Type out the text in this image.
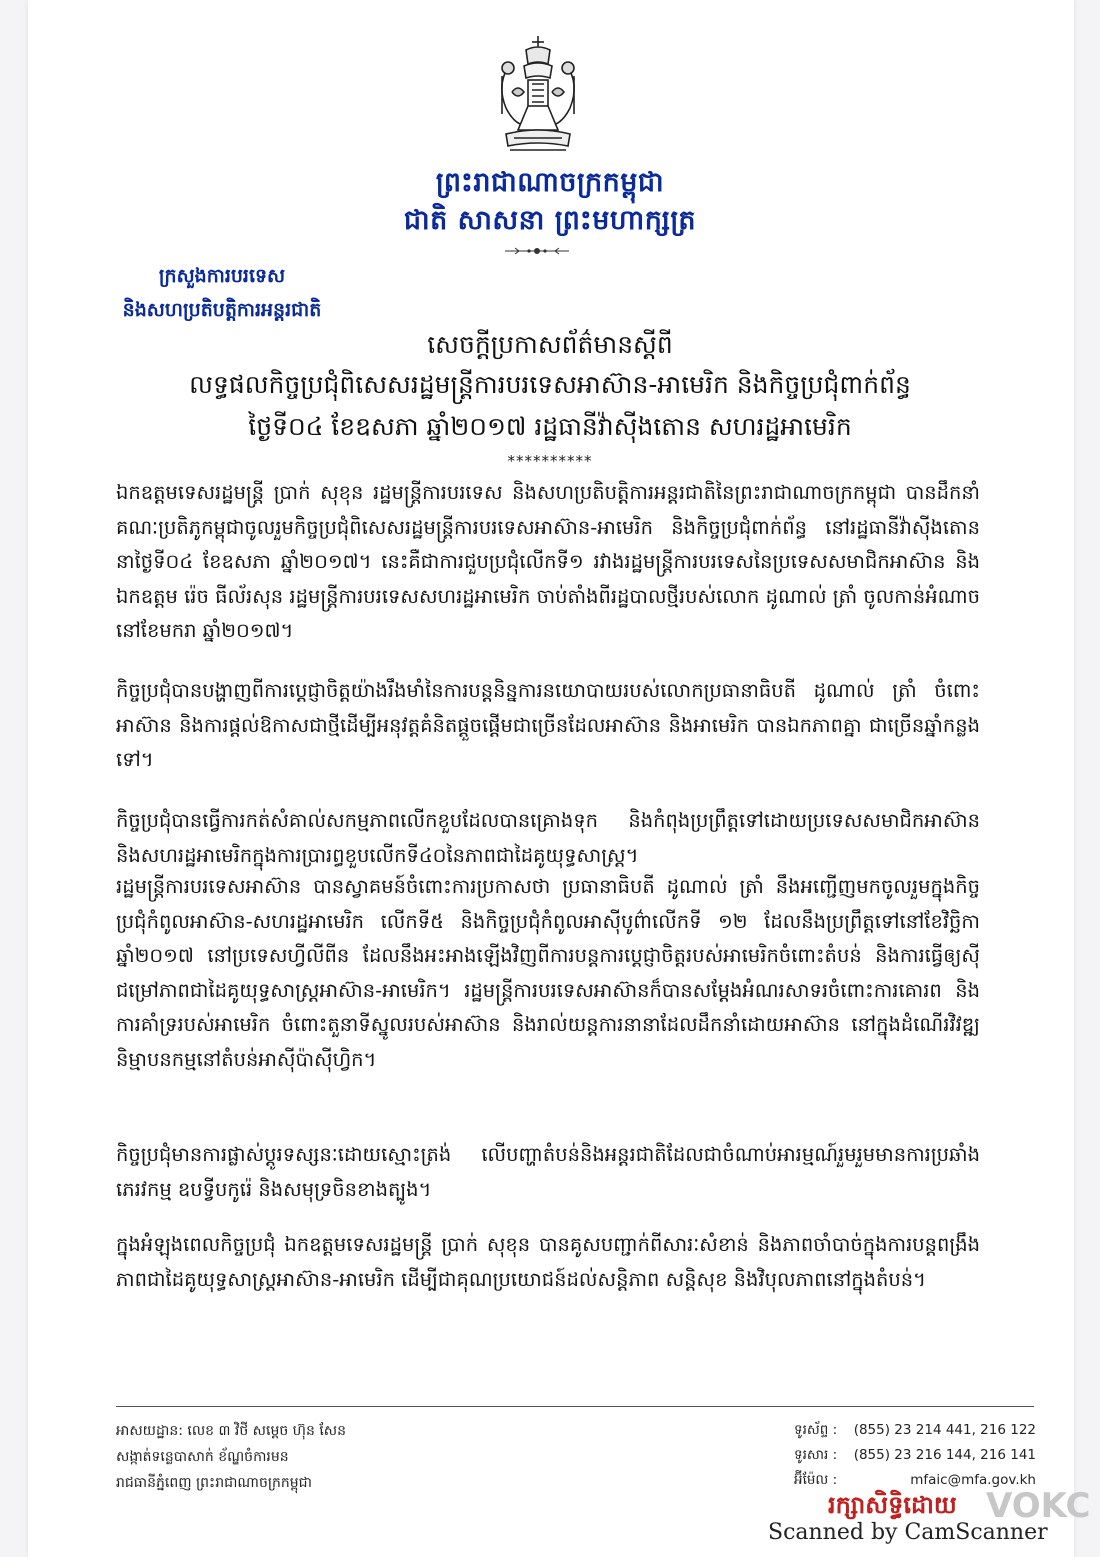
ព្រះរាជាណាចក្រកម្ពុជា
ជាតិ សាសនា ព្រះមហាក្សត្រ
ក្រសួងការបរទេស
និងសហប្រតិបត្តិការអន្តរជាតិ
សេចក្តីប្រកាសព័ត៌មានស្តីពី
លទ្ធផលកិច្ចប្រជុំពិសេសរដ្ឋមន្ត្រីការបរទេសអាស៊ាន-អាមេរិក និងកិច្ចប្រជុំពាក់ព័ន្ធ
ថ្ងៃទី០៤ ខែឧសភា ឆ្នាំ២០១៧ រដ្ឋធានីវ៉ាស៊ីងតោន សហរដ្ឋអាមេរិក
**********
ឯកឧត្តមទេសរដ្ឋមន្ត្រី ប្រាក់ សុខុន រដ្ឋមន្ត្រីការបរទេស និងសហប្រតិបត្តិការអន្តរជាតិនៃព្រះរាជាណាចក្រកម្ពុជា បានដឹកនាំគណៈប្រតិភូកម្ពុជាចូលរួមកិច្ចប្រជុំពិសេសរដ្ឋមន្ត្រីការបរទេសអាស៊ាន-អាមេរិក និងកិច្ចប្រជុំពាក់ព័ន្ធ នៅរដ្ឋធានីវ៉ាស៊ីងតោន នាថ្ងៃទី០៤ ខែឧសភា ឆ្នាំ២០១៧។ នេះគឺជាការជួបប្រជុំលើកទី១ រវាងរដ្ឋមន្ត្រីការបរទេសនៃប្រទេសសមាជិកអាស៊ាន និងឯកឧត្តម រ៉េច ធីល័រសុន រដ្ឋមន្ត្រីការបរទេសសហរដ្ឋអាមេរិក ចាប់តាំងពីរដ្ឋបាលថ្មីរបស់លោក ដូណាល់ ត្រាំ ចូលកាន់អំណាច នៅខែមករា ឆ្នាំ២០១៧។
កិច្ចប្រជុំបានបង្ហាញពីការប្តេជ្ញាចិត្តយ៉ាងរឹងមាំនៃការបន្តនិន្នការនយោបាយរបស់លោកប្រធានាធិបតី ដូណាល់ ត្រាំ ចំពោះអាស៊ាន និងការផ្តល់ឱកាសជាថ្មីដើម្បីអនុវត្តគំនិតផ្តួចផ្តើមជាច្រើនដែលអាស៊ាន និងអាមេរិក បានឯកភាពគ្នា ជាច្រើនឆ្នាំកន្លងទៅ។
កិច្ចប្រជុំបានធ្វើការកត់សំគាល់សកម្មភាពលើកខួបដែលបានគ្រោងទុក និងកំពុងប្រព្រឹត្តទៅដោយប្រទេសសមាជិកអាស៊ាន និងសហរដ្ឋអាមេរិកក្នុងការប្រារព្ធខួបលើកទី៤០នៃភាពជាដៃគូយុទ្ធសាស្ត្រ។
រដ្ឋមន្ត្រីការបរទេសអាស៊ាន បានស្វាគមន៍ចំពោះការប្រកាសថា ប្រធានាធិបតី ដូណាល់ ត្រាំ នឹងអញ្ជើញមកចូលរួមក្នុងកិច្ចប្រជុំកំពូលអាស៊ាន-សហរដ្ឋអាមេរិក លើកទី៥ និងកិច្ចប្រជុំកំពូលអាស៊ីបូព៌ាលើកទី ១២ ដែលនឹងប្រព្រឹត្តទៅនៅខែវិច្ឆិកា ឆ្នាំ២០១៧ នៅប្រទេសហ្វីលីពីន ដែលនឹងអះអាងឡើងវិញពីការបន្តការប្តេជ្ញាចិត្តរបស់អាមេរិកចំពោះតំបន់ និងការធ្វើឲ្យស៊ីជម្រៅភាពជាដៃគូយុទ្ធសាស្ត្រអាស៊ាន-អាមេរិក។ រដ្ឋមន្ត្រីការបរទេសអាស៊ានក៏បានសម្តែងអំណរសាទរចំពោះការគោរព និងការគាំទ្ររបស់អាមេរិក ចំពោះតួនាទីស្នូលរបស់អាស៊ាន និងរាល់យន្តការនានាដែលដឹកនាំដោយអាស៊ាន នៅក្នុងដំណើរវិវឌ្ឍនិម្មាបនកម្មនៅតំបន់អាស៊ីប៉ាស៊ីហ្វិក។
កិច្ចប្រជុំមានការផ្លាស់ប្តូរទស្សនៈដោយស្មោះត្រង់ លើបញ្ហាតំបន់និងអន្តរជាតិដែលជាចំណាប់អារម្មណ៍រួមរួមមានការប្រឆាំងភេរវកម្ម ឧបទ្វីបកូរ៉េ និងសមុទ្រចិនខាងត្បូង។
ក្នុងអំឡុងពេលកិច្ចប្រជុំ ឯកឧត្តមទេសរដ្ឋមន្ត្រី ប្រាក់ សុខុន បានគូសបញ្ជាក់ពីសារៈសំខាន់ និងភាពចាំបាច់ក្នុងការបន្តពង្រឹងភាពជាដៃគូយុទ្ធសាស្ត្រអាស៊ាន-អាមេរិក ដើម្បីជាគុណប្រយោជន៍ដល់សន្តិភាព សន្តិសុខ និងវិបុលភាពនៅក្នុងតំបន់។
អាសយដ្ឋាន: លេខ ៣ វិថី សម្តេច ហ៊ុន សែន
សង្កាត់ទន្លេបាសាក់ ខ័ណ្ឌចំការមន
រាជធានីភ្នំពេញ ព្រះរាជាណាចក្រកម្ពុជា
ទូរស័ព្ទ :	(855) 23 214 441, 216 122
ទូរសារ :	(855) 23 216 144, 216 141
អ៊ីម៉ែល :	mfaic@mfa.gov.kh
រក្សាសិទ្ធិដោយ VOKC
Scanned by CamScanner
